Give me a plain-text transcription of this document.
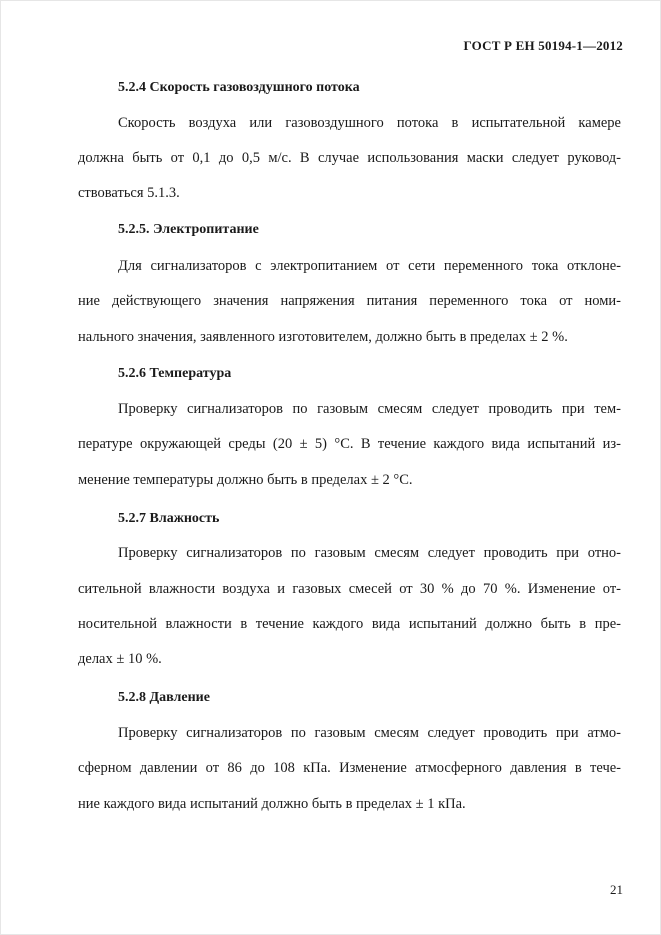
ГОСТ Р ЕН 50194-1—2012
5.2.4 Скорость газовоздушного потока
Скорость воздуха или газовоздушного потока в испытательной камере
должна быть от 0,1 до 0,5 м/с. В случае использования маски следует руковод-
ствоваться 5.1.3.
5.2.5. Электропитание
Для сигнализаторов с электропитанием от сети переменного тока отклоне-
ние действующего значения напряжения питания переменного тока от номи-
нального значения, заявленного изготовителем, должно быть в пределах ± 2 %.
5.2.6 Температура
Проверку сигнализаторов по газовым смесям следует проводить при тем-
пературе окружающей среды (20 ± 5) °С. В течение каждого вида испытаний из-
менение температуры должно быть в пределах ± 2 °С.
5.2.7 Влажность
Проверку сигнализаторов по газовым смесям следует проводить при отно-
сительной влажности воздуха и газовых смесей от 30 % до 70 %. Изменение от-
носительной влажности в течение каждого вида испытаний должно быть в пре-
делах ± 10 %.
5.2.8 Давление
Проверку сигнализаторов по газовым смесям следует проводить при атмо-
сферном давлении от 86 до 108 кПа. Изменение атмосферного давления в тече-
ние каждого вида испытаний должно быть в пределах ± 1 кПа.
21
